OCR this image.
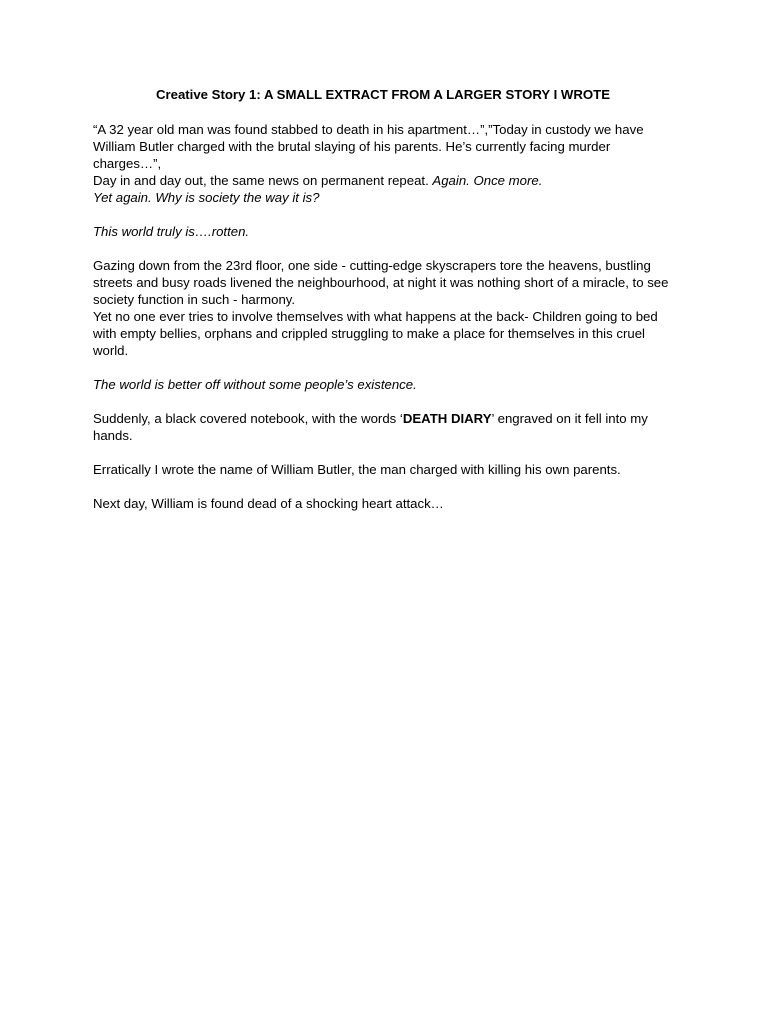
Creative Story 1: A SMALL EXTRACT FROM A LARGER STORY I WROTE

“A 32 year old man was found stabbed to death in his apartment…”,”Today in custody we have William Butler charged with the brutal slaying of his parents. He’s currently facing murder charges…”,
Day in and day out, the same news on permanent repeat. Again. Once more.

Yet again. Why is society the way it is?

This world truly is….rotten.

Gazing down from the 23rd floor, one side - cutting-edge skyscrapers tore the heavens, bustling streets and busy roads livened the neighbourhood, at night it was nothing short of a miracle, to see society function in such - harmony.

Yet no one ever tries to involve themselves with what happens at the back- Children going to bed with empty bellies, orphans and crippled struggling to make a place for themselves in this cruel world.

The world is better off without some people’s existence.

Suddenly, a black covered notebook, with the words ‘DEATH DIARY’ engraved on it fell into my hands.

Erratically I wrote the name of William Butler, the man charged with killing his own parents.

Next day, William is found dead of a shocking heart attack…
